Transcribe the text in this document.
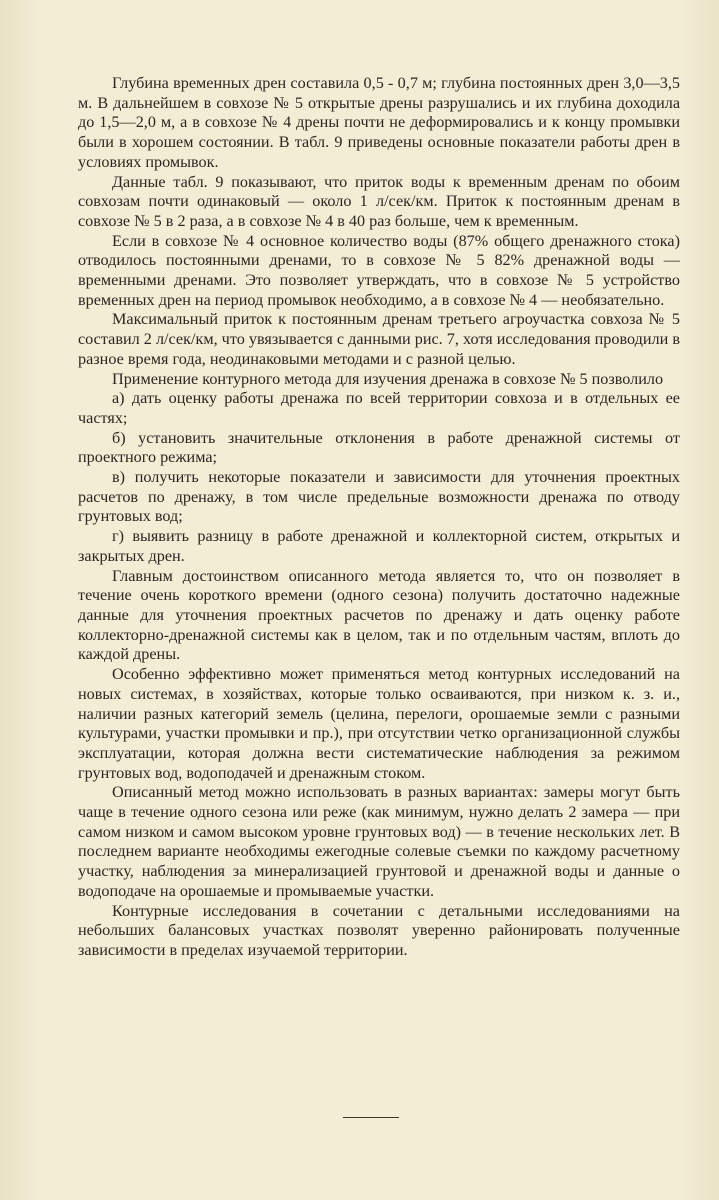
Глубина временных дрен составила 0,5 - 0,7 м; глубина постоянных дрен 3,0—3,5 м. В дальнейшем в совхозе № 5 открытые дрены разрушались и их глубина доходила до 1,5—2,0 м, а в совхозе № 4 дрены почти не деформировались и к концу промывки были в хорошем состоянии. В табл. 9 приведены основные показатели работы дрен в условиях промывок.

Данные табл. 9 показывают, что приток воды к временным дренам по обоим совхозам почти одинаковый — около 1 л/сек/км. Приток к постоянным дренам в совхозе № 5 в 2 раза, а в совхозе № 4 в 40 раз больше, чем к временным.

Если в совхозе № 4 основное количество воды (87% общего дренажного стока) отводилось постоянными дренами, то в совхозе № 5 82% дренажной воды — временными дренами. Это позволяет утверждать, что в совхозе № 5 устройство временных дрен на период промывок необходимо, а в совхозе № 4 — необязательно.

Максимальный приток к постоянным дренам третьего агроучастка совхоза № 5 составил 2 л/сек/км, что увязывается с данными рис. 7, хотя исследования проводили в разное время года, неодинаковыми методами и с разной целью.

Применение контурного метода для изучения дренажа в совхозе № 5 позволило

а) дать оценку работы дренажа по всей территории совхоза и в отдельных ее частях;

б) установить значительные отклонения в работе дренажной системы от проектного режима;

в) получить некоторые показатели и зависимости для уточнения проектных расчетов по дренажу, в том числе предельные возможности дренажа по отводу грунтовых вод;

г) выявить разницу в работе дренажной и коллекторной систем, открытых и закрытых дрен.

Главным достоинством описанного метода является то, что он позволяет в течение очень короткого времени (одного сезона) получить достаточно надежные данные для уточнения проектных расчетов по дренажу и дать оценку работе коллекторно-дренажной системы как в целом, так и по отдельным частям, вплоть до каждой дрены.

Особенно эффективно может применяться метод контурных исследований на новых системах, в хозяйствах, которые только осваиваются, при низком к. з. и., наличии разных категорий земель (целина, перелоги, орошаемые земли с разными культурами, участки промывки и пр.), при отсутствии четко организационной службы эксплуатации, которая должна вести систематические наблюдения за режимом грунтовых вод, водоподачей и дренажным стоком.

Описанный метод можно использовать в разных вариантах: замеры могут быть чаще в течение одного сезона или реже (как минимум, нужно делать 2 замера — при самом низком и самом высоком уровне грунтовых вод) — в течение нескольких лет. В последнем варианте необходимы ежегодные солевые съемки по каждому расчетному участку, наблюдения за минерализацией грунтовой и дренажной воды и данные о водоподаче на орошаемые и промываемые участки.

Контурные исследования в сочетании с детальными исследованиями на небольших балансовых участках позволят уверенно районировать полученные зависимости в пределах изучаемой территории.
